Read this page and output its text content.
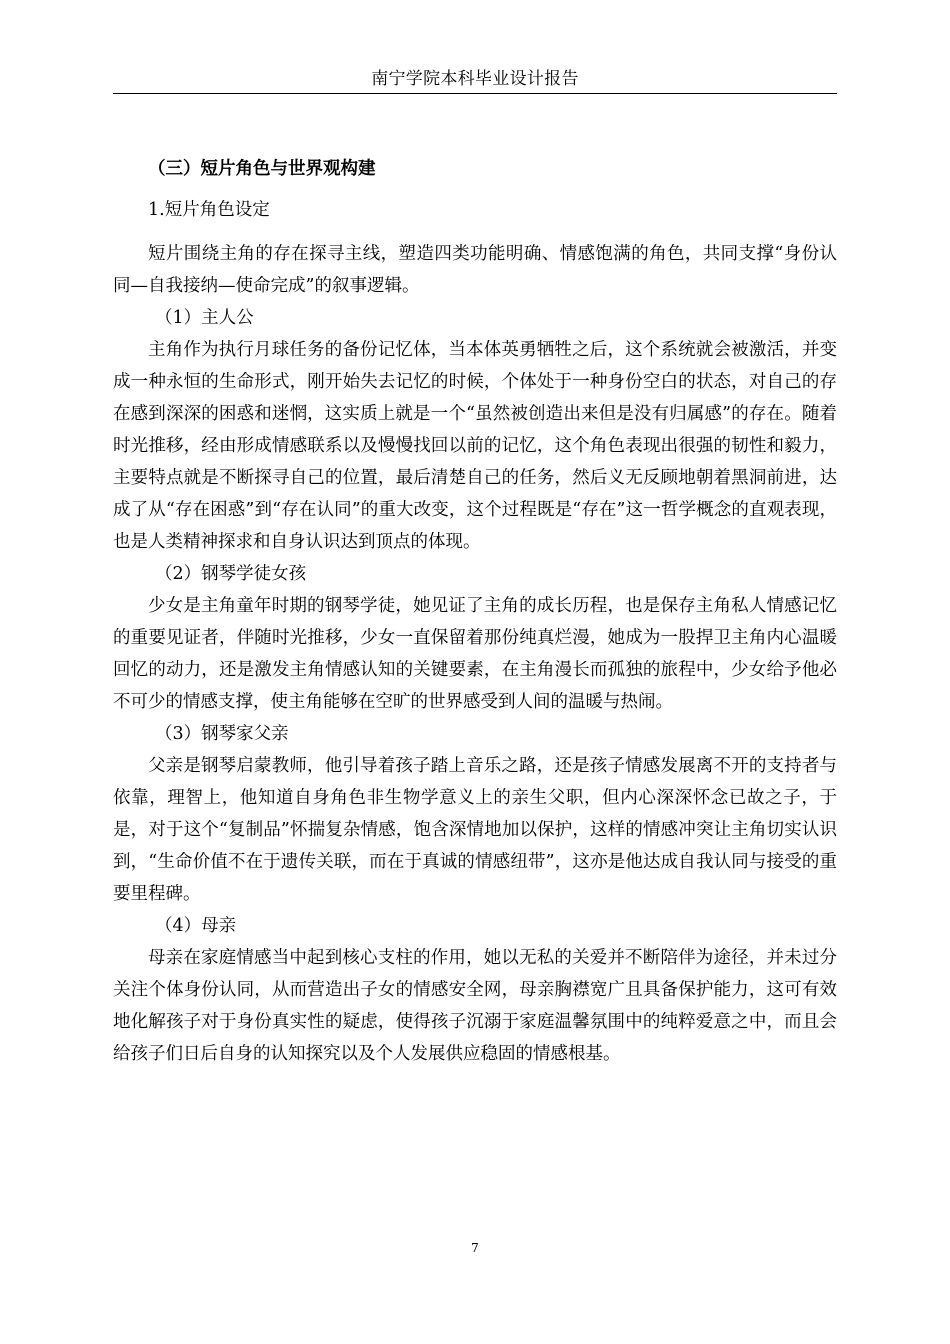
南宁学院本科毕业设计报告

（三）短片角色与世界观构建

1.短片角色设定

短片围绕主角的存在探寻主线，塑造四类功能明确、情感饱满的角色，共同支撑“身份认同—自我接纳—使命完成”的叙事逻辑。

（1）主人公

主角作为执行月球任务的备份记忆体，当本体英勇牺牲之后，这个系统就会被激活，并变成一种永恒的生命形式，刚开始失去记忆的时候，个体处于一种身份空白的状态，对自己的存在感到深深的困惑和迷惘，这实质上就是一个“虽然被创造出来但是没有归属感”的存在。随着时光推移，经由形成情感联系以及慢慢找回以前的记忆，这个角色表现出很强的韧性和毅力，主要特点就是不断探寻自己的位置，最后清楚自己的任务，然后义无反顾地朝着黑洞前进，达成了从“存在困惑”到“存在认同”的重大改变，这个过程既是“存在”这一哲学概念的直观表现，也是人类精神探求和自身认识达到顶点的体现。

（2）钢琴学徒女孩

少女是主角童年时期的钢琴学徒，她见证了主角的成长历程，也是保存主角私人情感记忆的重要见证者，伴随时光推移，少女一直保留着那份纯真烂漫，她成为一股捍卫主角内心温暖回忆的动力，还是激发主角情感认知的关键要素，在主角漫长而孤独的旅程中，少女给予他必不可少的情感支撑，使主角能够在空旷的世界感受到人间的温暖与热闹。

（3）钢琴家父亲

父亲是钢琴启蒙教师，他引导着孩子踏上音乐之路，还是孩子情感发展离不开的支持者与依靠，理智上，他知道自身角色非生物学意义上的亲生父职，但内心深深怀念已故之子，于是，对于这个“复制品”怀揣复杂情感，饱含深情地加以保护，这样的情感冲突让主角切实认识到，“生命价值不在于遗传关联，而在于真诚的情感纽带”，这亦是他达成自我认同与接受的重要里程碑。

（4）母亲

母亲在家庭情感当中起到核心支柱的作用，她以无私的关爱并不断陪伴为途径，并未过分关注个体身份认同，从而营造出子女的情感安全网，母亲胸襟宽广且具备保护能力，这可有效地化解孩子对于身份真实性的疑虑，使得孩子沉溺于家庭温馨氛围中的纯粹爱意之中，而且会给孩子们日后自身的认知探究以及个人发展供应稳固的情感根基。

7
